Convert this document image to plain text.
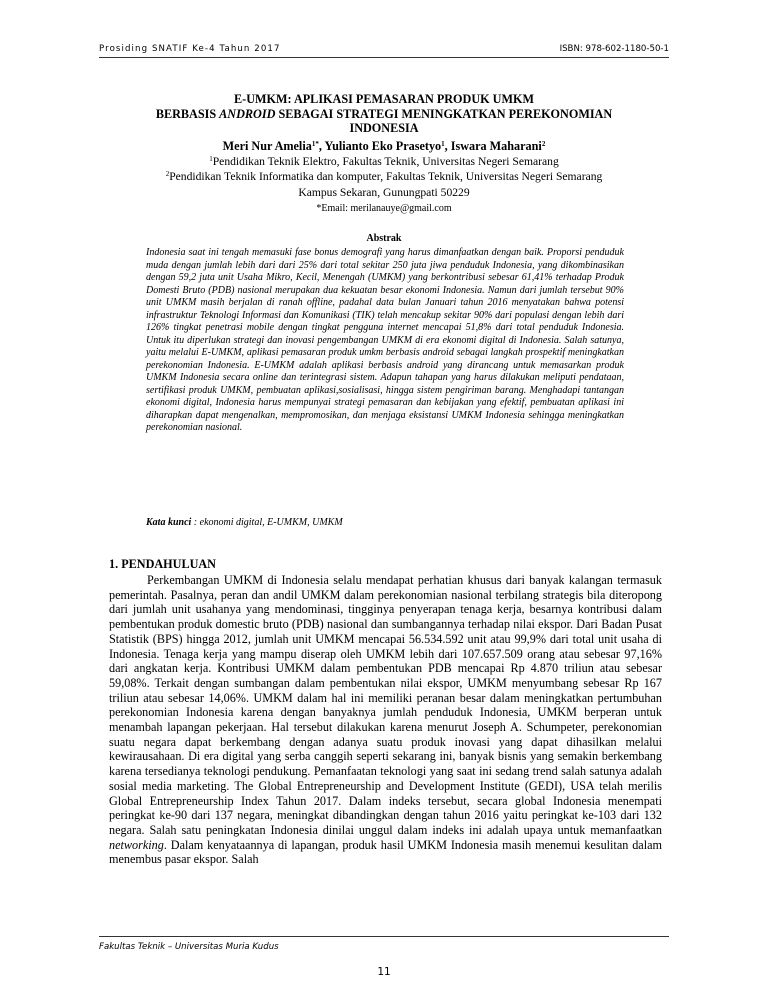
Prosiding SNATIF Ke-4 Tahun 2017	ISBN: 978-602-1180-50-1
E-UMKM: APLIKASI PEMASARAN PRODUK UMKM
BERBASIS ANDROID SEBAGAI STRATEGI MENINGKATKAN PEREKONOMIAN
INDONESIA
Meri Nur Amelia$^{1*}$, Yulianto Eko Prasetyo$^1$, Iswara Maharani$^2$
$^1$Pendidikan Teknik Elektro, Fakultas Teknik, Universitas Negeri Semarang
$^2$Pendidikan Teknik Informatika dan komputer, Fakultas Teknik, Universitas Negeri Semarang
Kampus Sekaran, Gunungpati 50229
*Email: merilanauye@gmail.com
Abstrak

Indonesia saat ini tengah memasuki fase bonus demografi yang harus dimanfaatkan dengan baik. Proporsi penduduk muda dengan jumlah lebih dari dari 25% dari total sekitar 250 juta jiwa penduduk Indonesia, yang dikombinasikan dengan 59,2 juta unit Usaha Mikro, Kecil, Menengah (UMKM) yang berkontribusi sebesar 61,41% terhadap Produk Domesti Bruto (PDB) nasional merupakan dua kekuatan besar ekonomi Indonesia. Namun dari jumlah tersebut 90% unit UMKM masih berjalan di ranah offline, padahal data bulan Januari tahun 2016 menyatakan bahwa potensi infrastruktur Teknologi Informasi dan Komunikasi (TIK) telah mencakup sekitar 90% dari populasi dengan lebih dari 126% tingkat penetrasi mobile dengan tingkat pengguna internet mencapai 51,8% dari total penduduk Indonesia. Untuk itu diperlukan strategi dan inovasi pengembangan UMKM di era ekonomi digital di Indonesia. Salah satunya, yaitu melalui E-UMKM, aplikasi pemasaran produk umkm berbasis android sebagai langkah prospektif meningkatkan perekonomian Indonesia. E-UMKM adalah aplikasi berbasis android yang dirancang untuk memasarkan produk UMKM Indonesia secara online dan terintegrasi sistem. Adapun tahapan yang harus dilakukan meliputi pendataan, sertifikasi produk UMKM, pembuatan aplikasi,sosialisasi, hingga sistem pengiriman barang. Menghadapi tantangan ekonomi digital, Indonesia harus mempunyai strategi pemasaran dan kebijakan yang efektif, pembuatan aplikasi ini diharapkan dapat mengenalkan, mempromosikan, dan menjaga eksistansi UMKM Indonesia sehingga meningkatkan perekonomian nasional.

Kata kunci : ekonomi digital, E-UMKM, UMKM
1. PENDAHULUAN

Perkembangan UMKM di Indonesia selalu mendapat perhatian khusus dari banyak kalangan termasuk pemerintah. Pasalnya, peran dan andil UMKM dalam perekonomian nasional terbilang strategis bila diteropong dari jumlah unit usahanya yang mendominasi, tingginya penyerapan tenaga kerja, besarnya kontribusi dalam pembentukan produk domestic bruto (PDB) nasional dan sumbangannya terhadap nilai ekspor. Dari Badan Pusat Statistik (BPS) hingga 2012, jumlah unit UMKM mencapai 56.534.592 unit atau 99,9% dari total unit usaha di Indonesia. Tenaga kerja yang mampu diserap oleh UMKM lebih dari 107.657.509 orang atau sebesar 97,16% dari angkatan kerja. Kontribusi UMKM dalam pembentukan PDB mencapai Rp 4.870 triliun atau sebesar 59,08%. Terkait dengan sumbangan dalam pembentukan nilai ekspor, UMKM menyumbang sebesar Rp 167 triliun atau sebesar 14,06%. UMKM dalam hal ini memiliki peranan besar dalam meningkatkan pertumbuhan perekonomian Indonesia karena dengan banyaknya jumlah penduduk Indonesia, UMKM berperan untuk menambah lapangan pekerjaan. Hal tersebut dilakukan karena menurut Joseph A. Schumpeter, perekonomian suatu negara dapat berkembang dengan adanya suatu produk inovasi yang dapat dihasilkan melalui kewirausahaan. Di era digital yang serba canggih seperti sekarang ini, banyak bisnis yang semakin berkembang karena tersedianya teknologi pendukung. Pemanfaatan teknologi yang saat ini sedang trend salah satunya adalah sosial media marketing. The Global Entrepreneurship and Development Institute (GEDI), USA telah merilis Global Entrepreneurship Index Tahun 2017. Dalam indeks tersebut, secara global Indonesia menempati peringkat ke-90 dari 137 negara, meningkat dibandingkan dengan tahun 2016 yaitu peringkat ke-103 dari 132 negara. Salah satu peningkatan Indonesia dinilai unggul dalam indeks ini adalah upaya untuk memanfaatkan networking. Dalam kenyataannya di lapangan, produk hasil UMKM Indonesia masih menemui kesulitan dalam menembus pasar ekspor. Salah

Fakultas Teknik – Universitas Muria Kudus
11
